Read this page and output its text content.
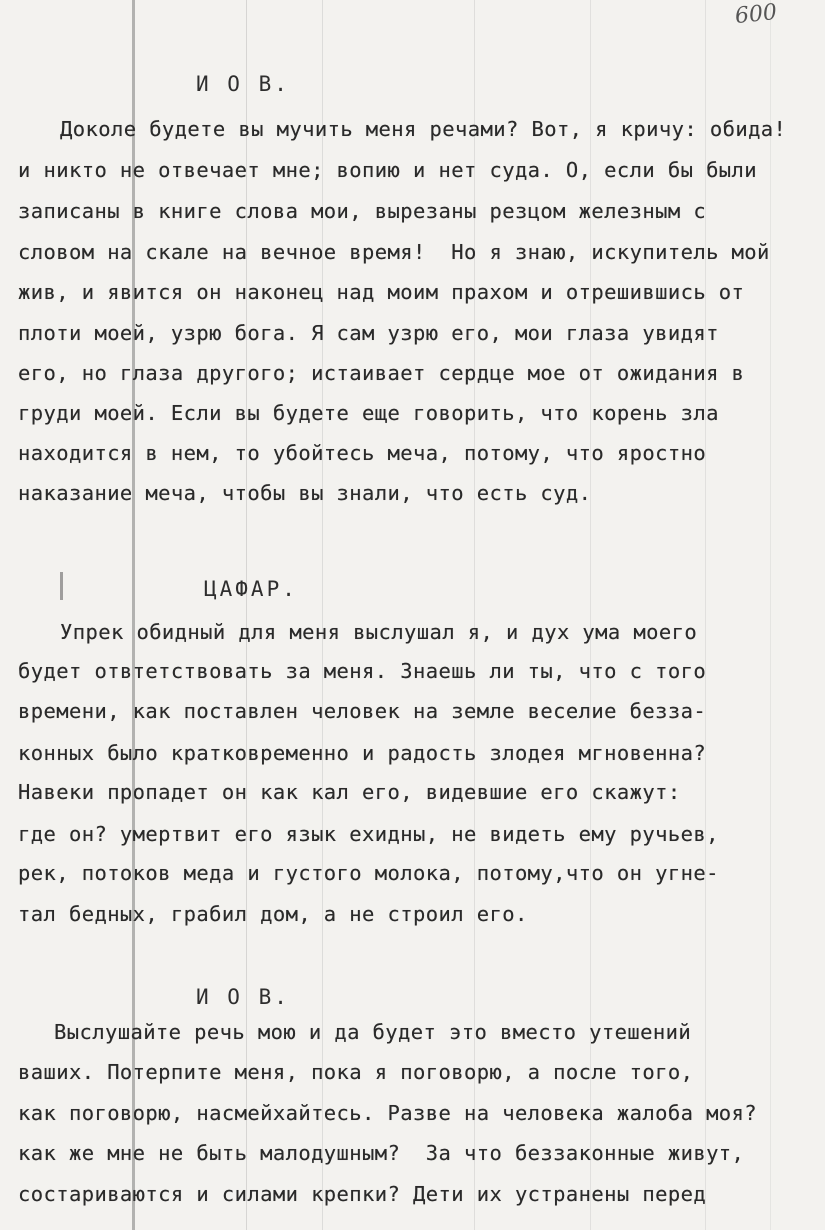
600
И О В.
Доколе будете вы мучить меня речами? Вот, я кричу: обида!
и никто не отвечает мне; вопию и нет суда. О, если бы были
записаны в книге слова мои, вырезаны резцом железным с
словом на скале на вечное время!  Но я знаю, искупитель мой
жив, и явится он наконец над моим прахом и отрешившись от
плоти моей, узрю бога. Я сам узрю его, мои глаза увидят
его, но глаза другого; истаивает сердце мое от ожидания в
груди моей. Если вы будете еще говорить, что корень зла
находится в нем, то убойтесь меча, потому, что яростно
наказание меча, чтобы вы знали, что есть суд.
ЦАФАР.
Упрек обидный для меня выслушал я, и дух ума моего
будет отвтетствовать за меня. Знаешь ли ты, что с того
времени, как поставлен человек на земле веселие беззa-
конных было кратковременно и радость злодея мгновенна?
Навеки пропадет он как кал его, видевшие его скажут:
где он? умертвит его язык ехидны, не видеть ему ручьев,
рек, потоков меда и густого молока, потому,что он угне-
тал бедных, грабил дом, а не строил его.
И О В.
Выслушайте речь мою и да будет это вместо утешений
ваших. Потерпите меня, пока я поговорю, а после того,
как поговорю, насмейхайтесь. Разве на человека жалоба моя?
как же мне не быть малодушным?  За что беззаконные живут,
состариваются и силами крепки? Дети их устранены перед
